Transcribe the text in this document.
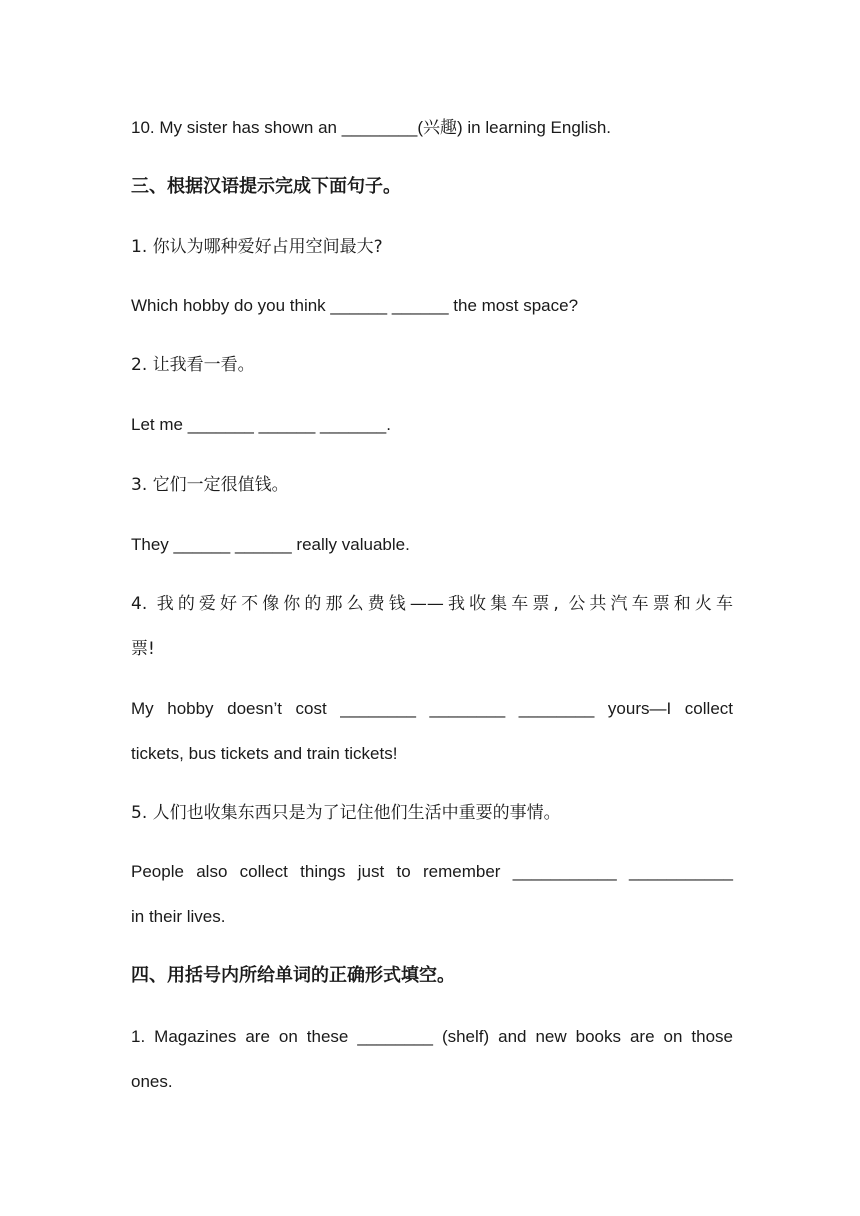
10. My sister has shown an ________(兴趣) in learning English.
三、根据汉语提示完成下面句子。
1. 你认为哪种爱好占用空间最大?
Which hobby do you think ______ ______ the most space?
2. 让我看一看。
Let me _______ ______ _______.
3. 它们一定很值钱。
They ______ ______ really valuable.
4. 我的爱好不像你的那么费钱——我收集车票, 公共汽车票和火车
票!
My hobby doesn’t cost ________ ________ ________ yours—I collect
tickets, bus tickets and train tickets!
5. 人们也收集东西只是为了记住他们生活中重要的事情。
People also collect things just to remember ___________ ___________
in their lives.
四、用括号内所给单词的正确形式填空。
1. Magazines are on these ________ (shelf) and new books are on those
ones.
